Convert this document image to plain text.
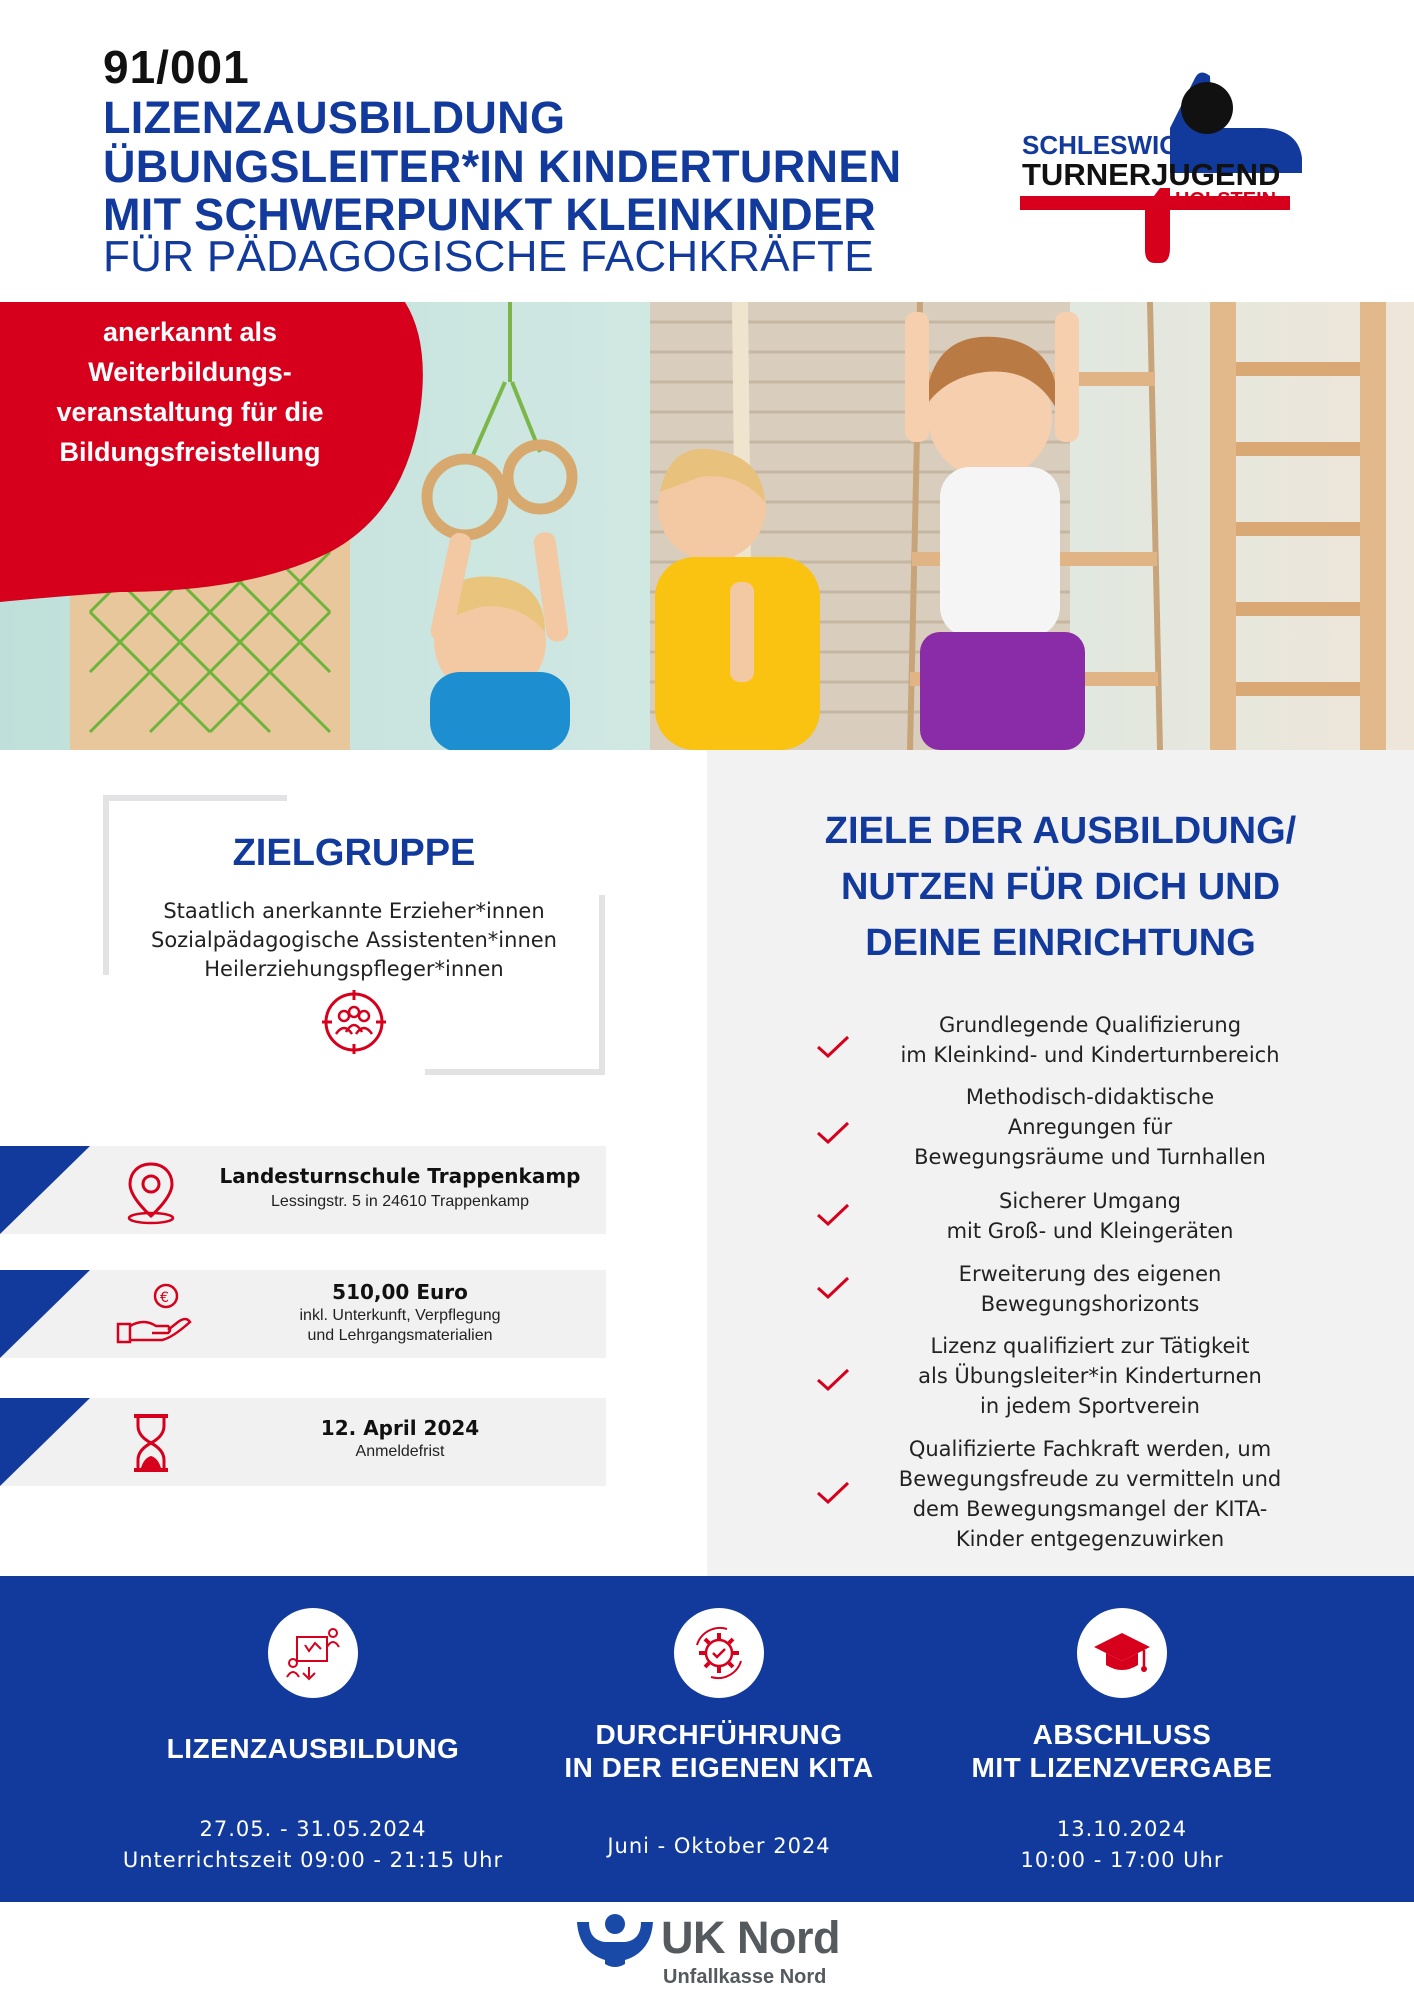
91/001
LIZENZAUSBILDUNG
ÜBUNGSLEITER*IN KINDERTURNEN
MIT SCHWERPUNKT KLEINKINDER
FÜR PÄDAGOGISCHE FACHKRÄFTE
SCHLESWIG
TURNERJUGEND
HOLSTEIN
anerkannt als
Weiterbildungs-
veranstaltung für die
Bildungsfreistellung
ZIELGRUPPE
Staatlich anerkannte Erzieher*innen
Sozialpädagogische Assistenten*innen
Heilerziehungspfleger*innen
Landesturnschule Trappenkamp
Lessingstr. 5 in 24610 Trappenkamp
€	510,00 Euro
inkl. Unterkunft, Verpflegung
und Lehrgangsmaterialien
12. April 2024
Anmeldefrist
ZIELE DER AUSBILDUNG/
NUTZEN FÜR DICH UND
DEINE EINRICHTUNG
Grundlegende Qualifizierung
im Kleinkind- und Kinderturnbereich
Methodisch-didaktische
Anregungen für
Bewegungsräume und Turnhallen
Sicherer Umgang
mit Groß- und Kleingeräten
Erweiterung des eigenen
Bewegungshorizonts
Lizenz qualifiziert zur Tätigkeit
als Übungsleiter*in Kinderturnen
in jedem Sportverein
Qualifizierte Fachkraft werden, um
Bewegungsfreude zu vermitteln und
dem Bewegungsmangel der KITA-
Kinder entgegenzuwirken
LIZENZAUSBILDUNG
27.05. - 31.05.2024
Unterrichtszeit 09:00 - 21:15 Uhr
DURCHFÜHRUNG
IN DER EIGENEN KITA
Juni - Oktober 2024
ABSCHLUSS
MIT LIZENZVERGABE
13.10.2024
10:00 - 17:00 Uhr
UK Nord
Unfallkasse Nord
